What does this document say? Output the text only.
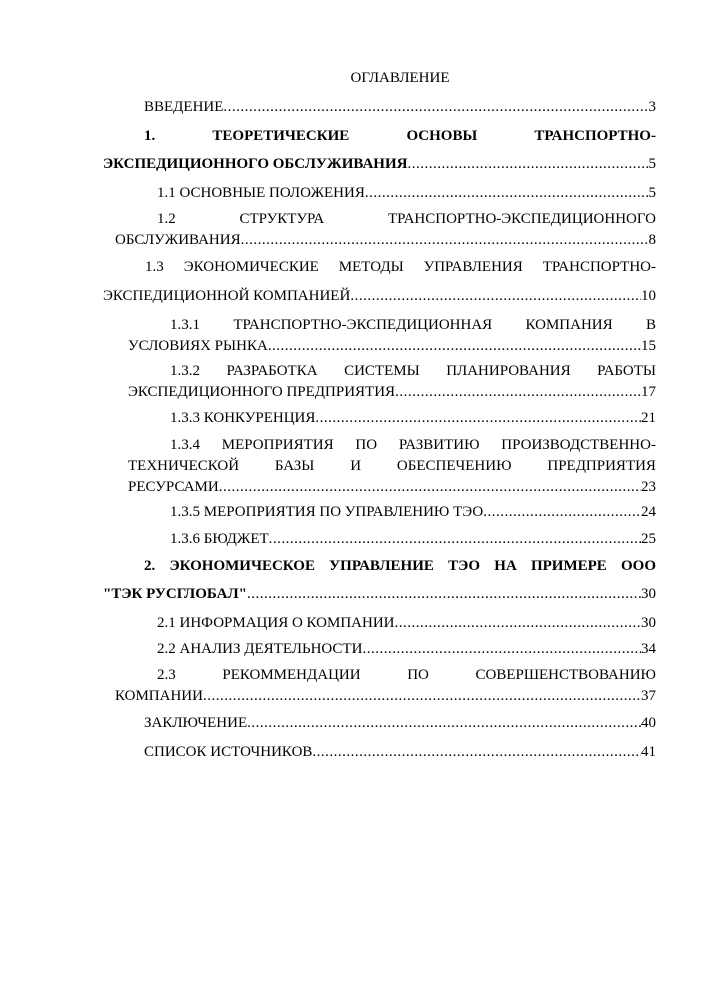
ОГЛАВЛЕНИЕ
ВВЕДЕНИЕ .....	3
1.	ТЕОРЕТИЧЕСКИЕ	ОСНОВЫ	ТРАНСПОРТНО-
ЭКСПЕДИЦИОННОГО ОБСЛУЖИВАНИЯ .....	5
1.1 ОСНОВНЫЕ ПОЛОЖЕНИЯ .....	5
1.2	СТРУКТУРА	ТРАНСПОРТНО-ЭКСПЕДИЦИОННОГО
ОБСЛУЖИВАНИЯ .....	8
1.3 ЭКОНОМИЧЕСКИЕ МЕТОДЫ УПРАВЛЕНИЯ ТРАНСПОРТНО-
ЭКСПЕДИЦИОННОЙ КОМПАНИЕЙ .....	10
1.3.1 ТРАНСПОРТНО-ЭКСПЕДИЦИОННАЯ КОМПАНИЯ В
УСЛОВИЯХ РЫНКА .....	15
1.3.2 РАЗРАБОТКА СИСТЕМЫ ПЛАНИРОВАНИЯ РАБОТЫ
ЭКСПЕДИЦИОННОГО ПРЕДПРИЯТИЯ .....	17
1.3.3 КОНКУРЕНЦИЯ .....	21
1.3.4 МЕРОПРИЯТИЯ ПО РАЗВИТИЮ ПРОИЗВОДСТВЕННО-
ТЕХНИЧЕСКОЙ БАЗЫ И ОБЕСПЕЧЕНИЮ ПРЕДПРИЯТИЯ
РЕСУРСАМИ .....	23
1.3.5 МЕРОПРИЯТИЯ ПО УПРАВЛЕНИЮ ТЭО .....	24
1.3.6 БЮДЖЕТ .....	25
2. ЭКОНОМИЧЕСКОЕ УПРАВЛЕНИЕ ТЭО НА ПРИМЕРЕ ООО
"ТЭК РУСГЛОБАЛ" .....	30
2.1 ИНФОРМАЦИЯ О КОМПАНИИ .....	30
2.2 АНАЛИЗ ДЕЯТЕЛЬНОСТИ .....	34
2.3	РЕКОММЕНДАЦИИ	ПО	СОВЕРШЕНСТВОВАНИЮ
КОМПАНИИ .....	37
ЗАКЛЮЧЕНИЕ .....	40
СПИСОК ИСТОЧНИКОВ .....	41
